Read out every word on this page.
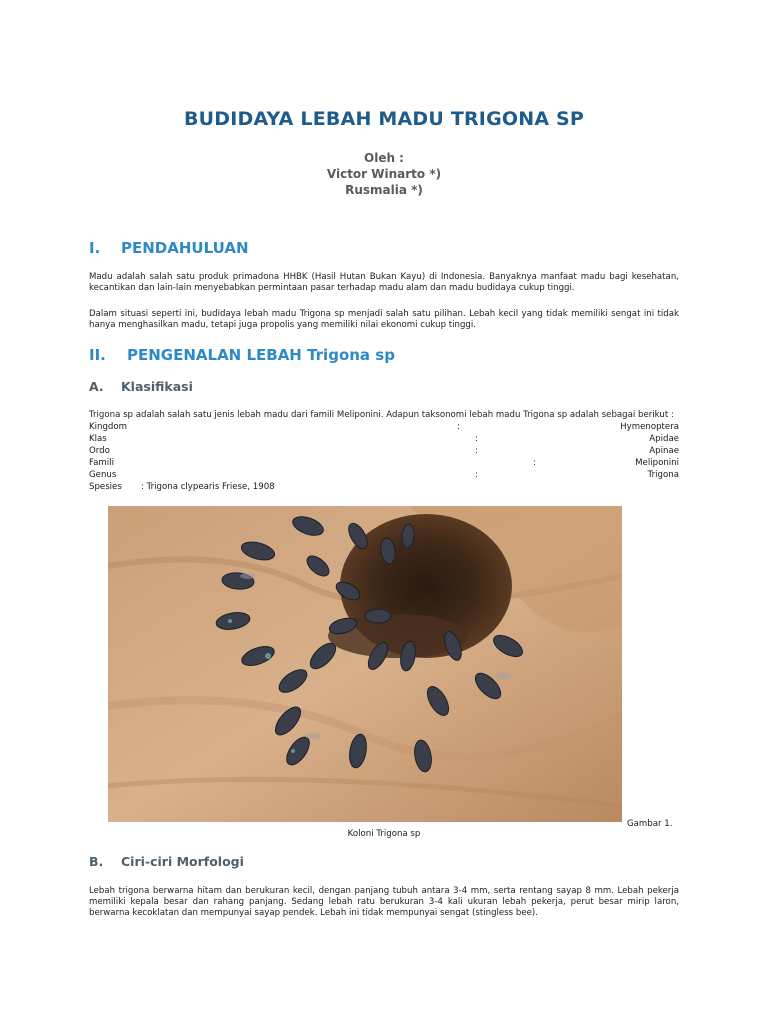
BUDIDAYA LEBAH MADU TRIGONA SP
Oleh :
Victor Winarto *)
Rusmalia *)
I. PENDAHULUAN
Madu adalah salah satu produk primadona HHBK (Hasil Hutan Bukan Kayu) di Indonesia. Banyaknya manfaat madu bagi kesehatan, kecantikan dan lain-lain menyebabkan permintaan pasar terhadap madu alam dan madu budidaya cukup tinggi.
Dalam situasi seperti ini, budidaya lebah madu Trigona sp menjadi salah satu pilihan. Lebah kecil yang tidak memiliki sengat ini tidak hanya menghasilkan madu, tetapi juga propolis yang memiliki nilai ekonomi cukup tinggi.
II. PENGENALAN LEBAH Trigona sp
A. Klasifikasi
Trigona sp adalah salah satu jenis lebah madu dari famili Meliponini. Adapun taksonomi lebah madu Trigona sp adalah sebagai berikut :
Kingdom	:	Hymenoptera
Klas	:	Apidae
Ordo	:	Apinae
Famili	:	Meliponini
Genus	:	Trigona
Spesies : Trigona clypearis Friese, 1908
Gambar 1.
Koloni Trigona sp
B. Ciri-ciri Morfologi
Lebah trigona berwarna hitam dan berukuran kecil, dengan panjang tubuh antara 3-4 mm, serta rentang sayap 8 mm. Lebah pekerja memiliki kepala besar dan rahang panjang. Sedang lebah ratu berukuran 3-4 kali ukuran lebah pekerja, perut besar mirip laron, berwarna kecoklatan dan mempunyai sayap pendek. Lebah ini tidak mempunyai sengat (stingless bee).
